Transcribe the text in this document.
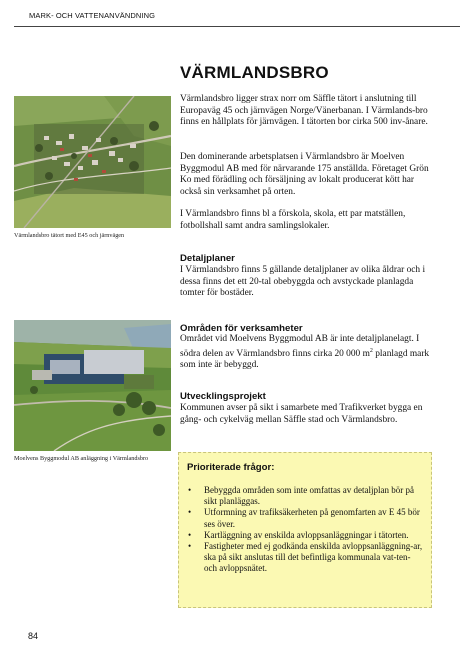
MARK- OCH VATTENANVÄNDNING
Värmlandsbro tätort med E45 och järnvägen
Moelvens Byggmodul AB anläggning i Värmlandsbro
VÄRMLANDSBRO

Värmlandsbro ligger strax norr om Säffle tätort i anslutning till Europaväg 45 och järnvägen Norge/Vänerbanan. I Värmlands-bro finns en hållplats för järnvägen. I tätorten bor cirka 500 inv-ånare.

Den dominerande arbetsplatsen i Värmlandsbro är Moelven Byggmodul AB med för närvarande 175 anställda. Företaget Grön Ko med förädling och försäljning av lokalt producerat kött har också sin verksamhet på orten.

I Värmlandsbro finns bl a förskola, skola, ett par matställen, fotbollshall samt andra samlingslokaler.

Detaljplaner

I Värmlandsbro finns 5 gällande detaljplaner av olika åldrar och i dessa finns det ett 20-tal obebyggda och avstyckade planlagda tomter för bostäder.

Områden för verksamheter

Området vid Moelvens Byggmodul AB är inte detaljplanelagt. I södra delen av Värmlandsbro finns cirka 20 000 $m^2$ planlagd mark som inte är bebyggd.

Utvecklingsprojekt

Kommunen avser på sikt i samarbete med Trafikverket bygga en gång- och cykelväg mellan Säffle stad och Värmlandsbro.

Prioriterade frågor:
• Bebyggda områden som inte omfattas av detaljplan bör på sikt planläggas.
• Utformning av trafiksäkerheten på genomfarten av E 45 bör ses över.
• Kartläggning av enskilda avloppsanläggningar i tätorten.
• Fastigheter med ej godkända enskilda avloppsanläggning-ar, ska på sikt anslutas till det befintliga kommunala vat-ten- och avloppsnätet.
84
